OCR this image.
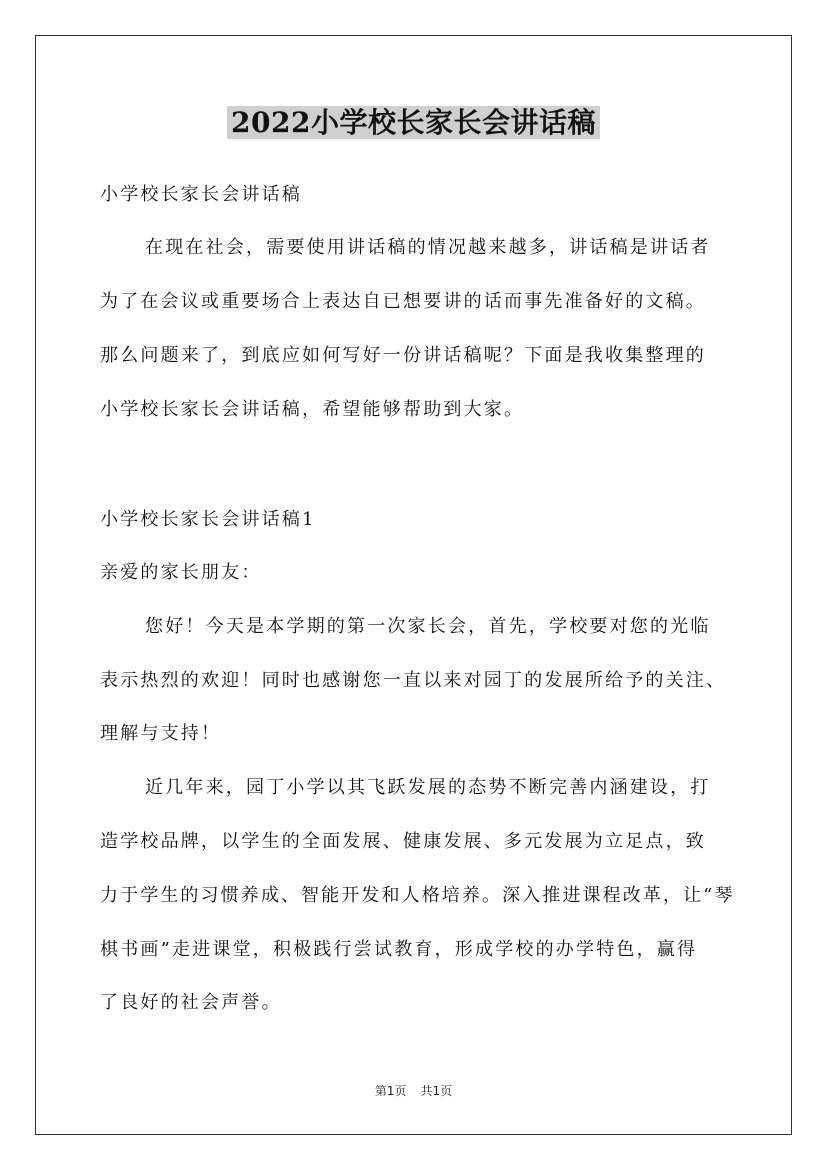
2022小学校长家长会讲话稿
小学校长家长会讲话稿
在现在社会，需要使用讲话稿的情况越来越多，讲话稿是讲话者
为了在会议或重要场合上表达自已想要讲的话而事先准备好的文稿。
那么问题来了，到底应如何写好一份讲话稿呢？下面是我收集整理的
小学校长家长会讲话稿，希望能够帮助到大家。
小学校长家长会讲话稿1
亲爱的家长朋友：
您好！今天是本学期的第一次家长会，首先，学校要对您的光临
表示热烈的欢迎！同时也感谢您一直以来对园丁的发展所给予的关注、
理解与支持！
近几年来，园丁小学以其飞跃发展的态势不断完善内涵建设，打
造学校品牌，以学生的全面发展、健康发展、多元发展为立足点，致
力于学生的习惯养成、智能开发和人格培养。深入推进课程改革，让“琴
棋书画”走进课堂，积极践行尝试教育，形成学校的办学特色，赢得
了良好的社会声誉。
第1页 共1页
